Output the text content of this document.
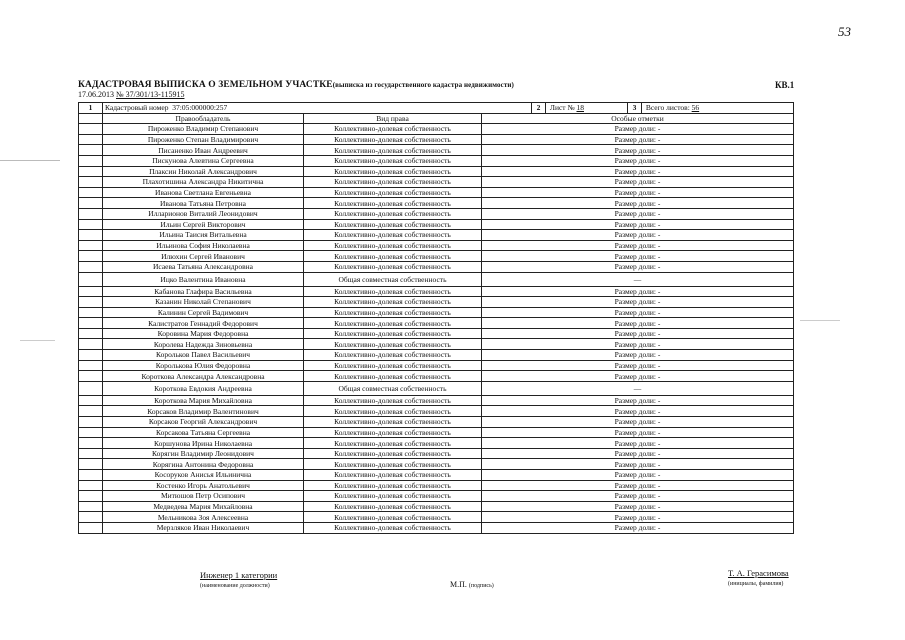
53
КАДАСТРОВАЯ ВЫПИСКА О ЗЕМЕЛЬНОМ УЧАСТКЕ(выписка из государственного кадастра недвижимости)	КВ.1
17.06.2013 № 37/301/13-115915
1	Кадастровый номер 37:05:000000:257			2	Лист № 18	3	Всего листов: 56
	Правообладатель	Вид права	Особые отметки				
	Пироженко Владимир Степанович	Коллективно-долевая собственность	Размер доли: -				
	Пироженко Степан Владимирович	Коллективно-долевая собственность	Размер доли: -				
	Писаненко Иван Андреевич	Коллективно-долевая собственность	Размер доли: -				
	Пискунова Алевтина Сергеевна	Коллективно-долевая собственность	Размер доли: -				
	Плаксин Николай Александрович	Коллективно-долевая собственность	Размер доли: -				
	Плахотишина Александра Никитична	Коллективно-долевая собственность	Размер доли: -				
	Иванова Светлана Евгеньевна	Коллективно-долевая собственность	Размер доли: -				
	Иванова Татьяна Петровна	Коллективно-долевая собственность	Размер доли: -				
	Илларионов Виталий Леонидович	Коллективно-долевая собственность	Размер доли: -				
	Ильин Сергей Викторович	Коллективно-долевая собственность	Размер доли: -				
	Ильина Таисия Витальевна	Коллективно-долевая собственность	Размер доли: -				
	Ильинова София Николаевна	Коллективно-долевая собственность	Размер доли: -				
	Илюхин Сергей Иванович	Коллективно-долевая собственность	Размер доли: -				
	Исаева Татьяна Александровна	Коллективно-долевая собственность	Размер доли: -				
	Ицко Валентина Ивановна	Общая совместная собственность	—				
	Кабанова Глафира Васильевна	Коллективно-долевая собственность	Размер доли: -				
	Казанин Николай Степанович	Коллективно-долевая собственность	Размер доли: -				
	Калинин Сергей Вадимович	Коллективно-долевая собственность	Размер доли: -				
	Калистратов Геннадий Федорович	Коллективно-долевая собственность	Размер доли: -				
	Коровина Мария Федоровна	Коллективно-долевая собственность	Размер доли: -				
	Королева Надежда Зиновьевна	Коллективно-долевая собственность	Размер доли: -				
	Корольков Павел Васильевич	Коллективно-долевая собственность	Размер доли: -				
	Королькова Юлия Федоровна	Коллективно-долевая собственность	Размер доли: -				
	Короткова Александра Александровна	Коллективно-долевая собственность	Размер доли: -				
	Короткова Евдокия Андреевна	Общая совместная собственность	—				
	Короткова Мария Михайловна	Коллективно-долевая собственность	Размер доли: -				
	Корсаков Владимир Валентинович	Коллективно-долевая собственность	Размер доли: -				
	Корсаков Георгий Александрович	Коллективно-долевая собственность	Размер доли: -				
	Корсакова Татьяна Сергеевна	Коллективно-долевая собственность	Размер доли: -				
	Коршунова Ирина Николаевна	Коллективно-долевая собственность	Размер доли: -				
	Корягин Владимир Леонидович	Коллективно-долевая собственность	Размер доли: -				
	Корягина Антонина Федоровна	Коллективно-долевая собственность	Размер доли: -				
	Косоруков Анисья Ильинична	Коллективно-долевая собственность	Размер доли: -				
	Костенко Игорь Анатольевич	Коллективно-долевая собственность	Размер доли: -				
	Митюшов Петр Осипович	Коллективно-долевая собственность	Размер доли: -				
	Медведева Мария Михайловна	Коллективно-долевая собственность	Размер доли: -				
	Мельникова Зоя Алексеевна	Коллективно-долевая собственность	Размер доли: -				
	Мерзляков Иван Николаевич	Коллективно-долевая собственность	Размер доли: -				
Инженер 1 категории
(наименование должности)	М.П. (подпись)
Т. А. Герасимова
(инициалы, фамилия)
